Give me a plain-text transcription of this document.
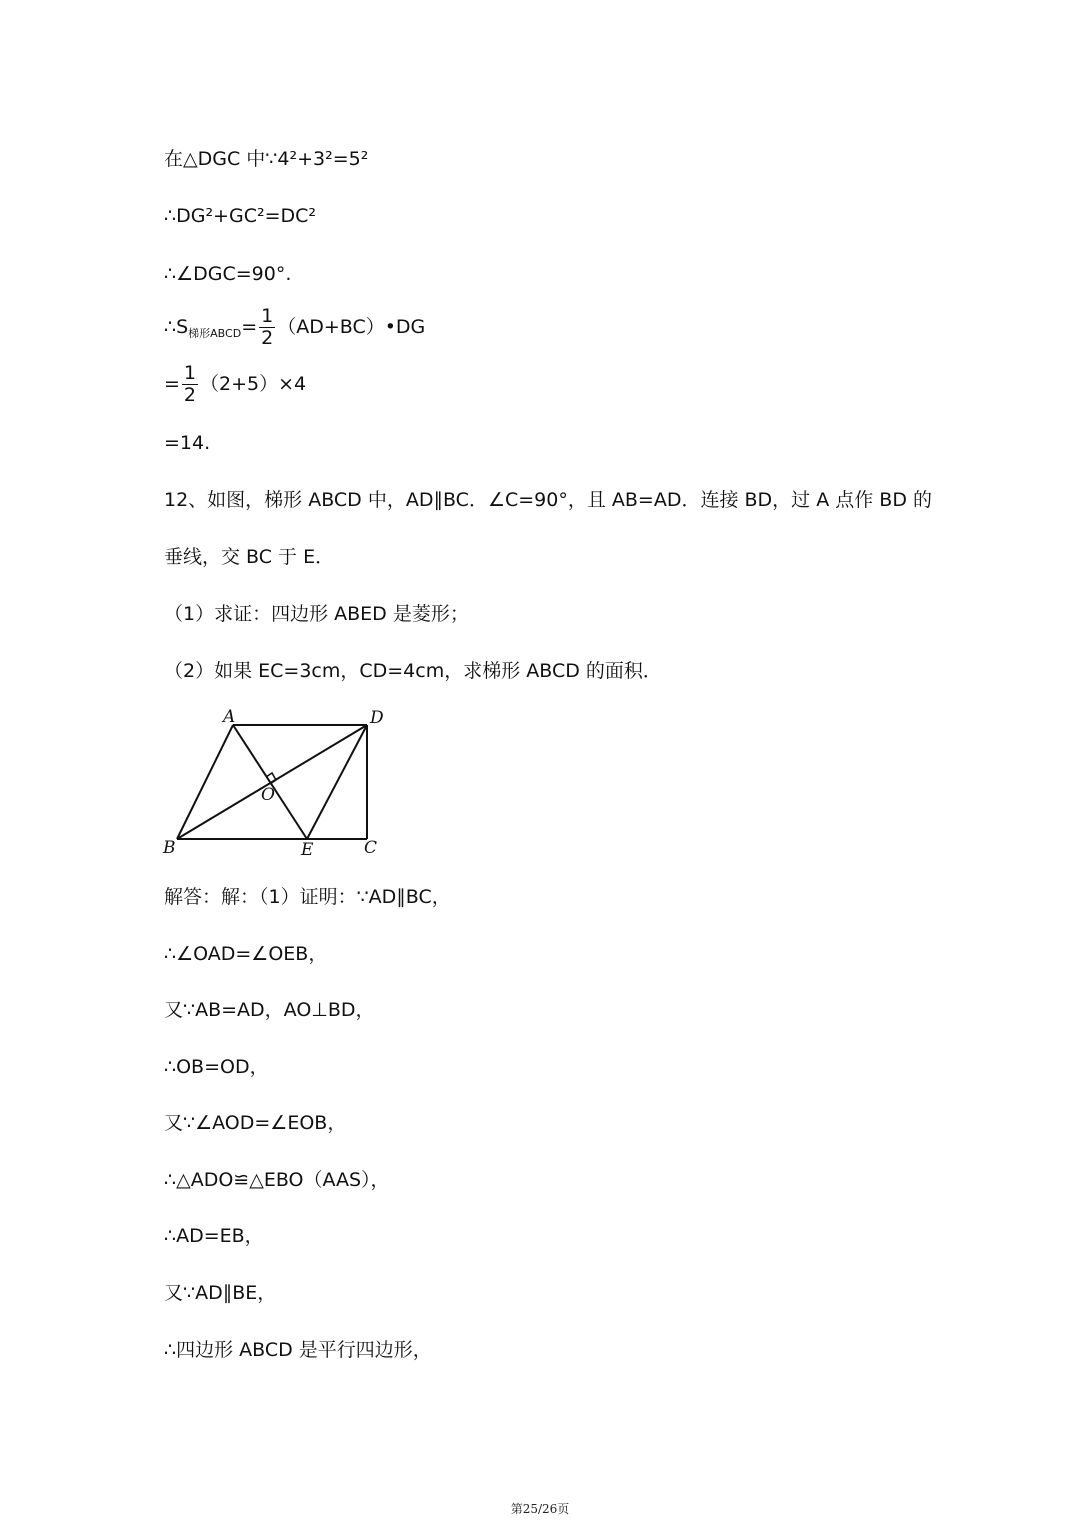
在△DGC 中∵4²+3²=5²
∴DG²+GC²=DC²
∴∠DGC=90°.
$\therefore S_{梯形ABCD}= \frac{1}{2}$ （AD+BC）•DG
= $\frac{1}{2} (2+5)\times 4$
=14.
12、如图，梯形 ABCD 中，AD∥BC．∠C=90°，且 AB=AD．连接 BD，过 A 点作 BD 的
垂线，交 BC 于 E．
（1）求证：四边形 ABED 是菱形；
（2）如果 EC=3cm，CD=4cm，求梯形 ABCD 的面积．
A	D
O
B	E	C
解答：解：（1）证明：∵AD∥BC，
∴∠OAD=∠OEB，
又∵AB=AD，AO⊥BD，
∴OB=OD，
又∵∠AOD=∠EOB，
∴△ADO≌△EBO（AAS），
∴AD=EB，
又∵AD∥BE，
∴四边形 ABCD 是平行四边形，
第25/26页
